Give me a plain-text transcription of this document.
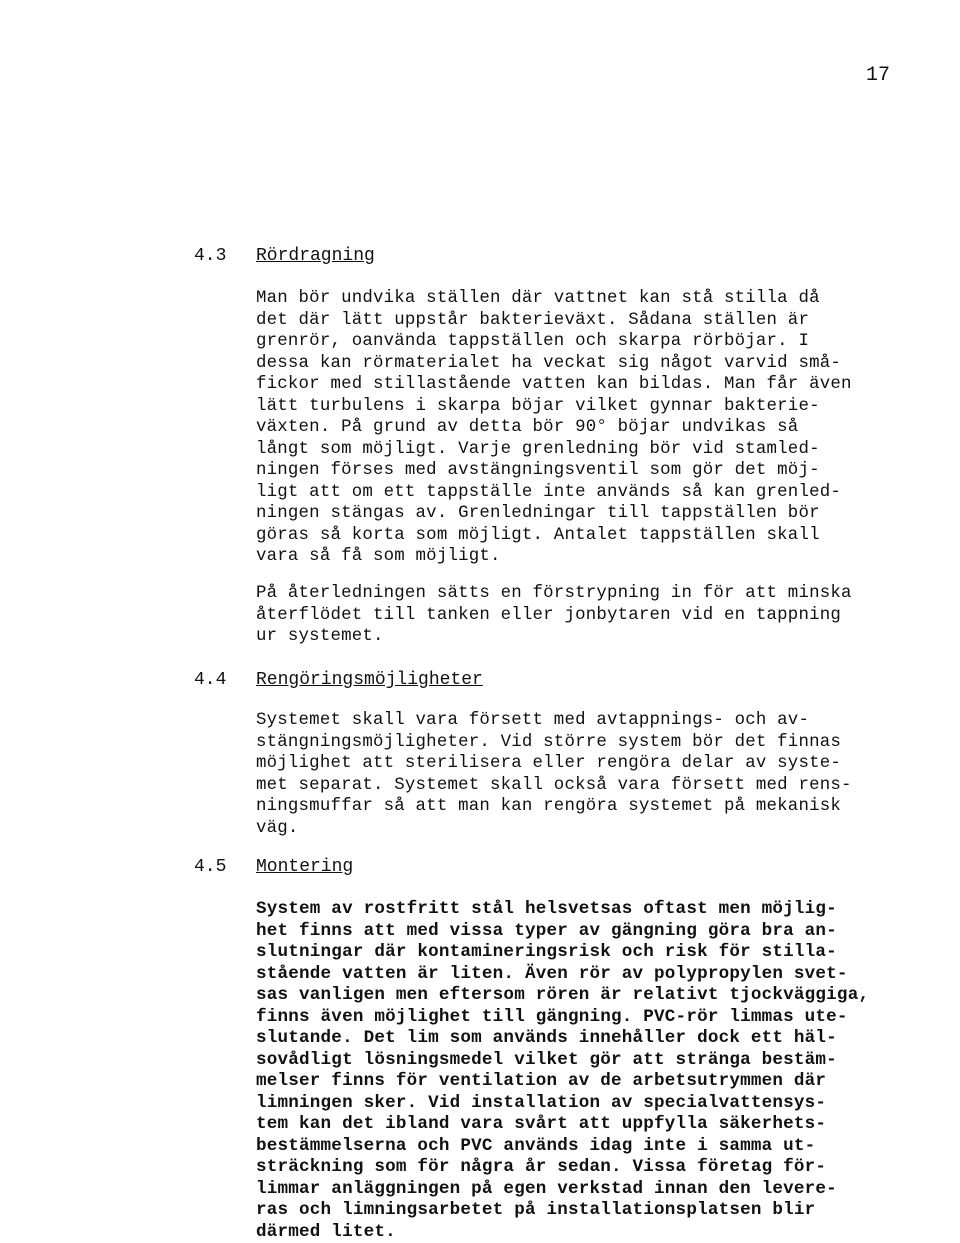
17
4.3 Rördragning

Man bör undvika ställen där vattnet kan stå stilla då
det där lätt uppstår bakterieväxt. Sådana ställen är
grenrör, oanvända tappställen och skarpa rörböjar. I
dessa kan rörmaterialet ha veckat sig något varvid små-
fickor med stillastående vatten kan bildas. Man får även
lätt turbulens i skarpa böjar vilket gynnar bakterie-
växten. På grund av detta bör 90° böjar undvikas så
långt som möjligt. Varje grenledning bör vid stamled-
ningen förses med avstängningsventil som gör det möj-
ligt att om ett tappställe inte används så kan grenled-
ningen stängas av. Grenledningar till tappställen bör
göras så korta som möjligt. Antalet tappställen skall
vara så få som möjligt.

På återledningen sätts en förstrypning in för att minska
återflödet till tanken eller jonbytaren vid en tappning
ur systemet.

4.4 Rengöringsmöjligheter

Systemet skall vara försett med avtappnings- och av-
stängningsmöjligheter. Vid större system bör det finnas
möjlighet att sterilisera eller rengöra delar av syste-
met separat. Systemet skall också vara försett med rens-
ningsmuffar så att man kan rengöra systemet på mekanisk
väg.

4.5 Montering

System av rostfritt stål helsvetsas oftast men möjlig-
het finns att med vissa typer av gängning göra bra an-
slutningar där kontamineringsrisk och risk för stilla-
stående vatten är liten. Även rör av polypropylen svet-
sas vanligen men eftersom rören är relativt tjockväggiga,
finns även möjlighet till gängning. PVC-rör limmas ute-
slutande. Det lim som används innehåller dock ett häl-
sovådligt lösningsmedel vilket gör att stränga bestäm-
melser finns för ventilation av de arbetsutrymmen där
limningen sker. Vid installation av specialvattensys-
tem kan det ibland vara svårt att uppfylla säkerhets-
bestämmelserna och PVC används idag inte i samma ut-
sträckning som för några år sedan. Vissa företag för-
limmar anläggningen på egen verkstad innan den levere-
ras och limningsarbetet på installationsplatsen blir
därmed litet.
